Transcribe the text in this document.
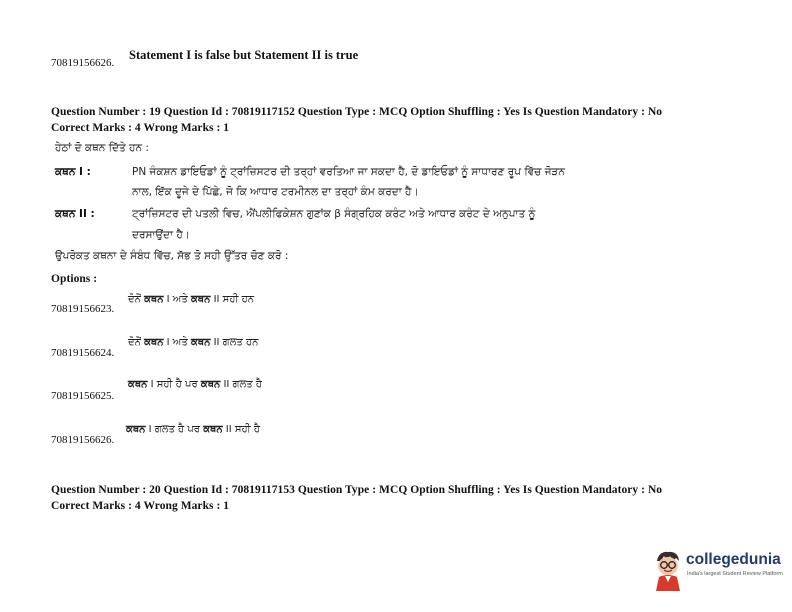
70819156626.
Statement I is false but Statement II is true
Question Number : 19 Question Id : 70819117152 Question Type : MCQ Option Shuffling : Yes Is Question Mandatory : No
Correct Marks : 4 Wrong Marks : 1
ਹੇਠਾਂ ਦੋ ਕਥਨ ਦਿੱਤੇ ਹਨ :
ਕਥਨ I :	PN ਜੰਕਸ਼ਨ ਡਾਇਓਡਾਂ ਨੂੰ ਟ੍ਰਾਂਜ਼ਿਸਟਰ ਦੀ ਤਰ੍ਹਾਂ ਵਰਤਿਆ ਜਾ ਸਕਦਾ ਹੈ, ਦੋ ਡਾਇਓਡਾਂ ਨੂੰ ਸਾਧਾਰਣ ਰੂਪ ਵਿੱਚ ਜੋੜਨ
ਨਾਲ, ਇੱਕ ਦੂਜੇ ਦੇ ਪਿੱਛੇ, ਜੋ ਕਿ ਆਧਾਰ ਟਰਮੀਨਲ ਦਾ ਤਰ੍ਹਾਂ ਕੰਮ ਕਰਦਾ ਹੈ।
ਕਥਨ II :	ਟ੍ਰਾਂਜ਼ਿਸਟਰ ਦੀ ਪਤਲੀ ਵਿਚ, ਐਂਪਲੀਫਿਕੇਸ਼ਨ ਗੁਣਾਂਕ β ਸੰਗ੍ਰਹਿਕ ਕਰੰਟ ਅਤੇ ਆਧਾਰ ਕਰੰਟ ਦੇ ਅਨੁਪਾਤ ਨੂੰ
ਦਰਸਾਉਂਦਾ ਹੈ।
ਉਪਰੋਕਤ ਕਥਨਾ ਦੇ ਸੰਬੰਧ ਵਿੱਚ, ਸੱਭ ਤੋ ਸਹੀ ਉੱਤਰ ਚੋਣ ਕਰੋ :
Options :
70819156623.
ਦੋਨੋਂ ਕਥਨ I ਅਤੇ ਕਥਨ II ਸਹੀ ਹਨ
70819156624.
ਦੋਨੋਂ ਕਥਨ I ਅਤੇ ਕਥਨ II ਗਲਤ ਹਨ
70819156625.
ਕਥਨ I ਸਹੀ ਹੈ ਪਰ ਕਥਨ II ਗਲਤ ਹੈ
70819156626.
ਕਥਨ I ਗਲਤ ਹੈ ਪਰ ਕਥਨ II ਸਹੀ ਹੈ
Question Number : 20 Question Id : 70819117153 Question Type : MCQ Option Shuffling : Yes Is Question Mandatory : No
Correct Marks : 4 Wrong Marks : 1
collegedunia
India's largest Student Review Platform
